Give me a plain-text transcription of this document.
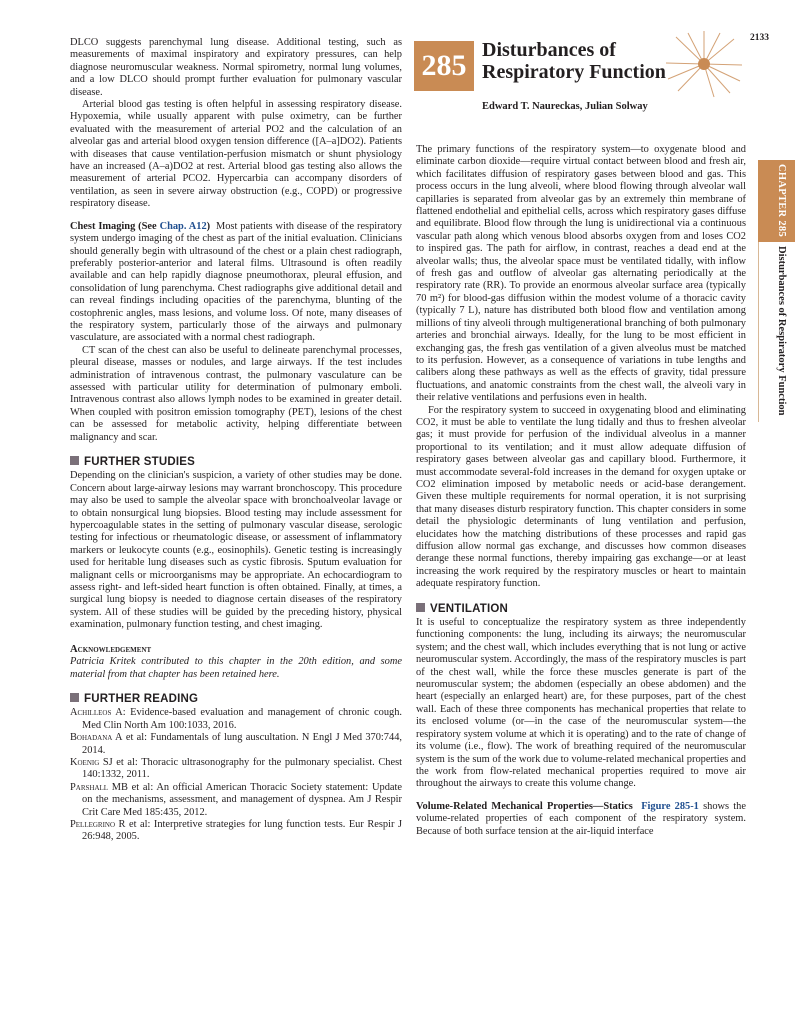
2133
285 Disturbances of
Respiratory Function
Edward T. Naureckas, Julian Solway
CHAPTER 285
Disturbances of Respiratory Function

DLCO suggests parenchymal lung disease. Additional testing, such as measurements of maximal inspiratory and expiratory pressures, can help diagnose neuromuscular weakness. Normal spirometry, normal lung volumes, and a low DLCO should prompt further evaluation for pulmonary vascular disease.

Arterial blood gas testing is often helpful in assessing respiratory disease. Hypoxemia, while usually apparent with pulse oximetry, can be further evaluated with the measurement of arterial PO2 and the calculation of an alveolar gas and arterial blood oxygen tension difference ([A–a]DO2). Patients with diseases that cause ventilation-perfusion mismatch or shunt physiology have an increased (A–a)DO2 at rest. Arterial blood gas testing also allows the measurement of arterial PCO2. Hypercarbia can accompany disorders of ventilation, as seen in severe airway obstruction (e.g., COPD) or progressive respiratory disease.

Chest Imaging (See Chap. A12) Most patients with disease of the respiratory system undergo imaging of the chest as part of the initial evaluation. Clinicians should generally begin with ultrasound of the chest or a plain chest radiograph, preferably posterior-anterior and lateral films. Ultrasound is often readily available and can help rapidly diagnose pneumothorax, pleural effusion, and consolidation of lung parenchyma. Chest radiographs give additional detail and can reveal findings including opacities of the parenchyma, blunting of the costophrenic angles, mass lesions, and volume loss. Of note, many diseases of the respiratory system, particularly those of the airways and pulmonary vasculature, are associated with a normal chest radiograph.

CT scan of the chest can also be useful to delineate parenchymal processes, pleural disease, masses or nodules, and large airways. If the test includes administration of intravenous contrast, the pulmonary vasculature can be assessed with particular utility for determination of pulmonary emboli. Intravenous contrast also allows lymph nodes to be examined in greater detail. When coupled with positron emission tomography (PET), lesions of the chest can be assessed for metabolic activity, helping differentiate between malignancy and scar.

FURTHER STUDIES

Depending on the clinician's suspicion, a variety of other studies may be done. Concern about large-airway lesions may warrant bronchoscopy. This procedure may also be used to sample the alveolar space with bronchoalveolar lavage or to obtain nonsurgical lung biopsies. Blood testing may include assessment for hypercoagulable states in the setting of pulmonary vascular disease, serologic testing for infectious or rheumatologic disease, or assessment of inflammatory markers or leukocyte counts (e.g., eosinophils). Genetic testing is increasingly used for heritable lung diseases such as cystic fibrosis. Sputum evaluation for malignant cells or microorganisms may be appropriate. An echocardiogram to assess right- and left-sided heart function is often obtained. Finally, at times, a surgical lung biopsy is needed to diagnose certain diseases of the respiratory system. All of these studies will be guided by the preceding history, physical examination, pulmonary function testing, and chest imaging.

Acknowledgement

Patricia Kritek contributed to this chapter in the 20th edition, and some material from that chapter has been retained here.

FURTHER READING

Achilleos A: Evidence-based evaluation and management of chronic cough. Med Clin North Am 100:1033, 2016.

Bohadana A et al: Fundamentals of lung auscultation. N Engl J Med 370:744, 2014.

Koenig SJ et al: Thoracic ultrasonography for the pulmonary specialist. Chest 140:1332, 2011.

Parshall MB et al: An official American Thoracic Society statement: Update on the mechanisms, assessment, and management of dyspnea. Am J Respir Crit Care Med 185:435, 2012.

Pellegrino R et al: Interpretive strategies for lung function tests. Eur Respir J 26:948, 2005.

The primary functions of the respiratory system—to oxygenate blood and eliminate carbon dioxide—require virtual contact between blood and fresh air, which facilitates diffusion of respiratory gases between blood and gas. This process occurs in the lung alveoli, where blood flowing through alveolar wall capillaries is separated from alveolar gas by an extremely thin membrane of flattened endothelial and epithelial cells, across which respiratory gases diffuse and equilibrate. Blood flow through the lung is unidirectional via a continuous vascular path along which venous blood absorbs oxygen from and loses CO2 to inspired gas. The path for airflow, in contrast, reaches a dead end at the alveolar walls; thus, the alveolar space must be ventilated tidally, with inflow of fresh gas and outflow of alveolar gas alternating periodically at the respiratory rate (RR). To provide an enormous alveolar surface area (typically 70 m²) for blood-gas diffusion within the modest volume of a thoracic cavity (typically 7 L), nature has distributed both blood flow and ventilation among millions of tiny alveoli through multigenerational branching of both pulmonary arteries and bronchial airways. Ideally, for the lung to be most efficient in exchanging gas, the fresh gas ventilation of a given alveolus must be matched to its perfusion. However, as a consequence of variations in tube lengths and calibers along these pathways as well as the effects of gravity, tidal pressure fluctuations, and anatomic constraints from the chest wall, the alveoli vary in their relative ventilations and perfusions even in health.

For the respiratory system to succeed in oxygenating blood and eliminating CO2, it must be able to ventilate the lung tidally and thus to freshen alveolar gas; it must provide for perfusion of the individual alveolus in a manner proportional to its ventilation; and it must allow adequate diffusion of respiratory gases between alveolar gas and capillary blood. Furthermore, it must accommodate several-fold increases in the demand for oxygen uptake or CO2 elimination imposed by metabolic needs or acid-base derangement. Given these multiple requirements for normal operation, it is not surprising that many diseases disturb respiratory function. This chapter considers in some detail the physiologic determinants of lung ventilation and perfusion, elucidates how the matching distributions of these processes and rapid gas diffusion allow normal gas exchange, and discusses how common diseases derange these normal functions, thereby impairing gas exchange—or at least increasing the work required by the respiratory muscles or heart to maintain adequate respiratory function.

VENTILATION

It is useful to conceptualize the respiratory system as three independently functioning components: the lung, including its airways; the neuromuscular system; and the chest wall, which includes everything that is not lung or active neuromuscular system. Accordingly, the mass of the respiratory muscles is part of the chest wall, while the force these muscles generate is part of the neuromuscular system; the abdomen (especially an obese abdomen) and the heart (especially an enlarged heart) are, for these purposes, part of the chest wall. Each of these three components has mechanical properties that relate to its enclosed volume (or—in the case of the neuromuscular system—the respiratory system volume at which it is operating) and to the rate of change of its volume (i.e., flow). The work of breathing required of the neuromuscular system is the sum of the work due to volume-related mechanical properties and the work from flow-related mechanical properties required to move air throughout the airways to create this volume change.

Volume-Related Mechanical Properties—Statics Figure 285-1 shows the volume-related properties of each component of the respiratory system. Because of both surface tension at the air-liquid interface
